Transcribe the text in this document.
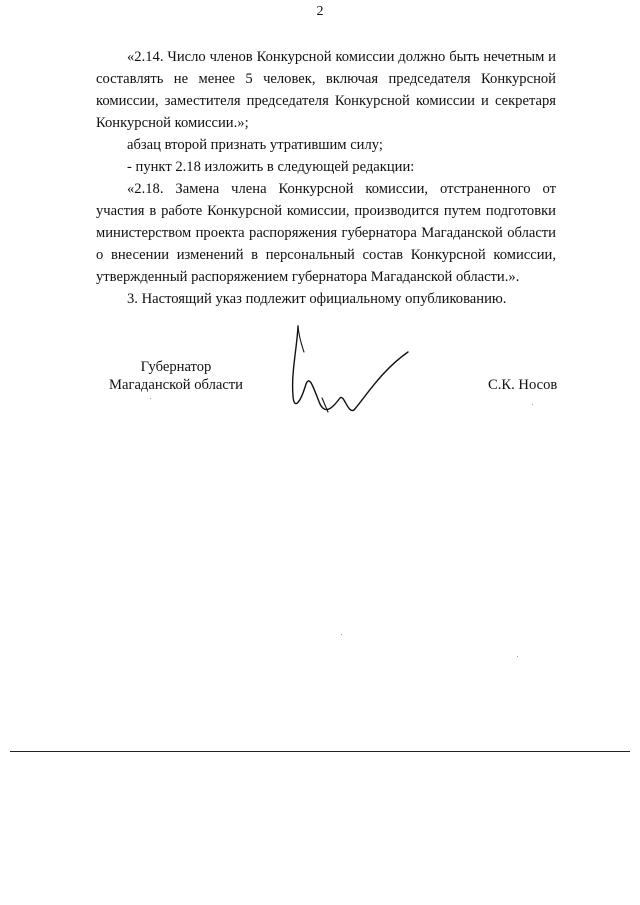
2

«2.14. Число членов Конкурсной комиссии должно быть нечетным и составлять не менее 5 человек, включая председателя Конкурсной комиссии, заместителя председателя Конкурсной комиссии и секретаря Конкурсной комиссии.»;

абзац второй признать утратившим силу;

- пункт 2.18 изложить в следующей редакции:

«2.18. Замена члена Конкурсной комиссии, отстраненного от участия в работе Конкурсной комиссии, производится путем подготовки министерством проекта распоряжения губернатора Магаданской области о внесении изменений в персональный состав Конкурсной комиссии, утвержденный распоряжением губернатора Магаданской области.».

3. Настоящий указ подлежит официальному опубликованию.

Губернатор
Магаданской области	С.К. Носов
